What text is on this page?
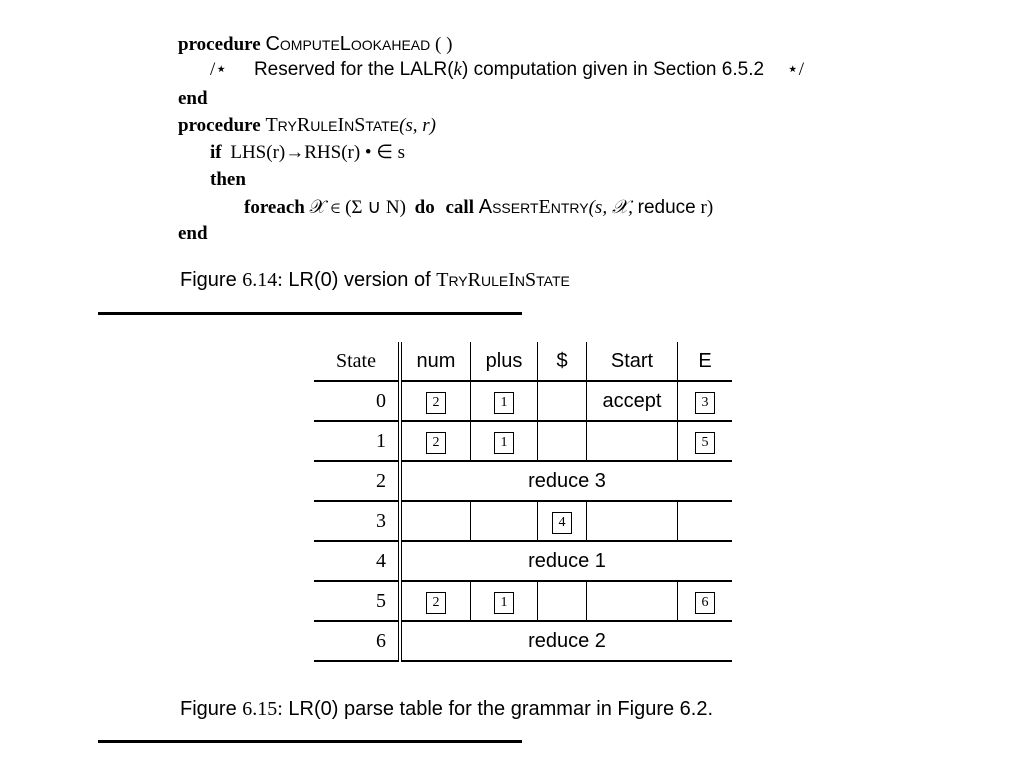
procedure COMPUTELOOKAHEAD ( )
/⋆ Reserved for the LALR(k) computation given in Section 6.5.2 ⋆/
end
procedure TRYRULEINSTATE(s, r)
if LHS(r)→RHS(r) • ∈ s
then
foreach 𝒳 ∈ (Σ ∪ N) do call ASSERTENTRY(s, 𝒳, reduce r)
end
Figure 6.14: LR(0) version of TRYRULEINSTATE
State	num	plus	$	Start	E
0	2	1		accept	3
1	2	1			5
2	reduce 3				
3			4		
4	reduce 1				
5	2	1			6
6	reduce 2				
Figure 6.15: LR(0) parse table for the grammar in Figure 6.2.
